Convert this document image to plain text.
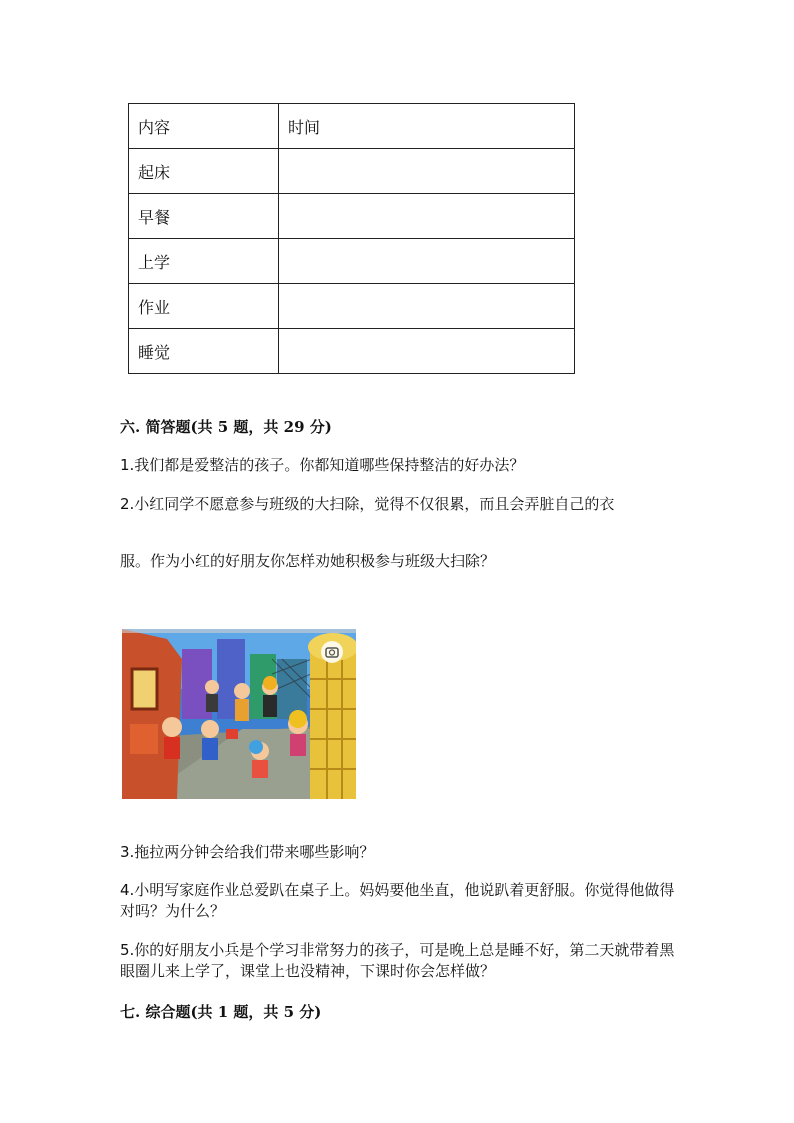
内容	时间
起床	
早餐	
上学	
作业	
睡觉	
六. 简答题(共 5 题，共 29 分)
1.我们都是爱整洁的孩子。你都知道哪些保持整洁的好办法？
2.小红同学不愿意参与班级的大扫除，觉得不仅很累，而且会弄脏自己的衣
服。作为小红的好朋友你怎样劝她积极参与班级大扫除？
3.拖拉两分钟会给我们带来哪些影响？
4.小明写家庭作业总爱趴在桌子上。妈妈要他坐直，他说趴着更舒服。你觉得他做得对吗？为什么？
5.你的好朋友小兵是个学习非常努力的孩子，可是晚上总是睡不好，第二天就带着黑眼圈儿来上学了，课堂上也没精神，下课时你会怎样做？
七. 综合题(共 1 题，共 5 分)
